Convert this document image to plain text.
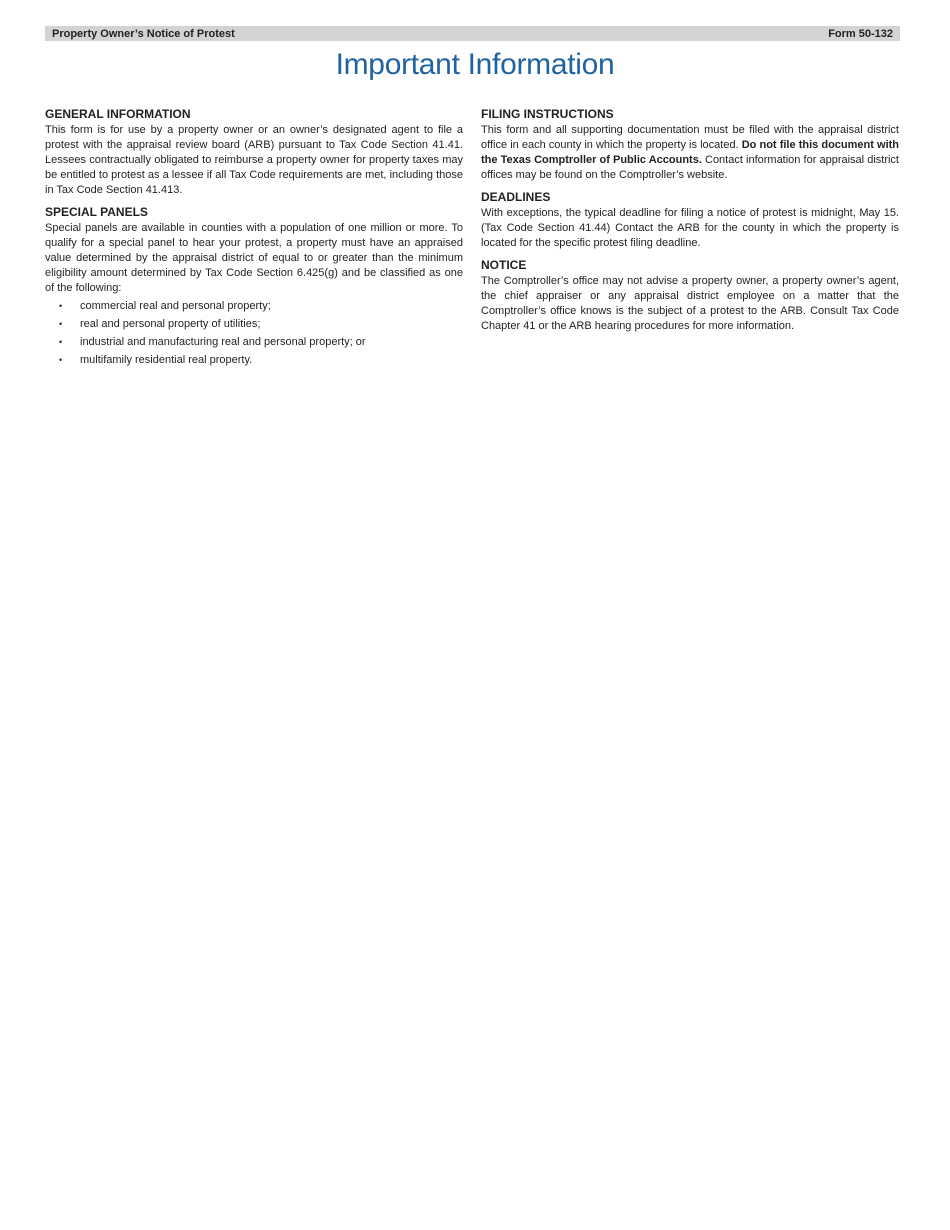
Property Owner’s Notice of Protest	Form 50-132
Important Information
GENERAL INFORMATION

This form is for use by a property owner or an owner’s designated agent to file a protest with the appraisal review board (ARB) pursuant to Tax Code Section 41.41. Lessees contractually obligated to reimburse a property owner for property taxes may be entitled to protest as a lessee if all Tax Code requirements are met, including those in Tax Code Section 41.413.

SPECIAL PANELS

Special panels are available in counties with a population of one million or more. To qualify for a special panel to hear your protest, a property must have an appraised value determined by the appraisal district of equal to or greater than the minimum eligibility amount determined by Tax Code Section 6.425(g) and be classified as one of the following:

• commercial real and personal property;
• real and personal property of utilities;
• industrial and manufacturing real and personal property; or
• multifamily residential real property.
FILING INSTRUCTIONS

This form and all supporting documentation must be filed with the appraisal district office in each county in which the property is located. Do not file this document with the Texas Comptroller of Public Accounts. Contact information for appraisal district offices may be found on the Comptroller’s website.

DEADLINES

With exceptions, the typical deadline for filing a notice of protest is midnight, May 15. (Tax Code Section 41.44) Contact the ARB for the county in which the property is located for the specific protest filing deadline.

NOTICE

The Comptroller’s office may not advise a property owner, a property owner’s agent, the chief appraiser or any appraisal district employee on a matter that the Comptroller’s office knows is the subject of a protest to the ARB. Consult Tax Code Chapter 41 or the ARB hearing procedures for more information.
